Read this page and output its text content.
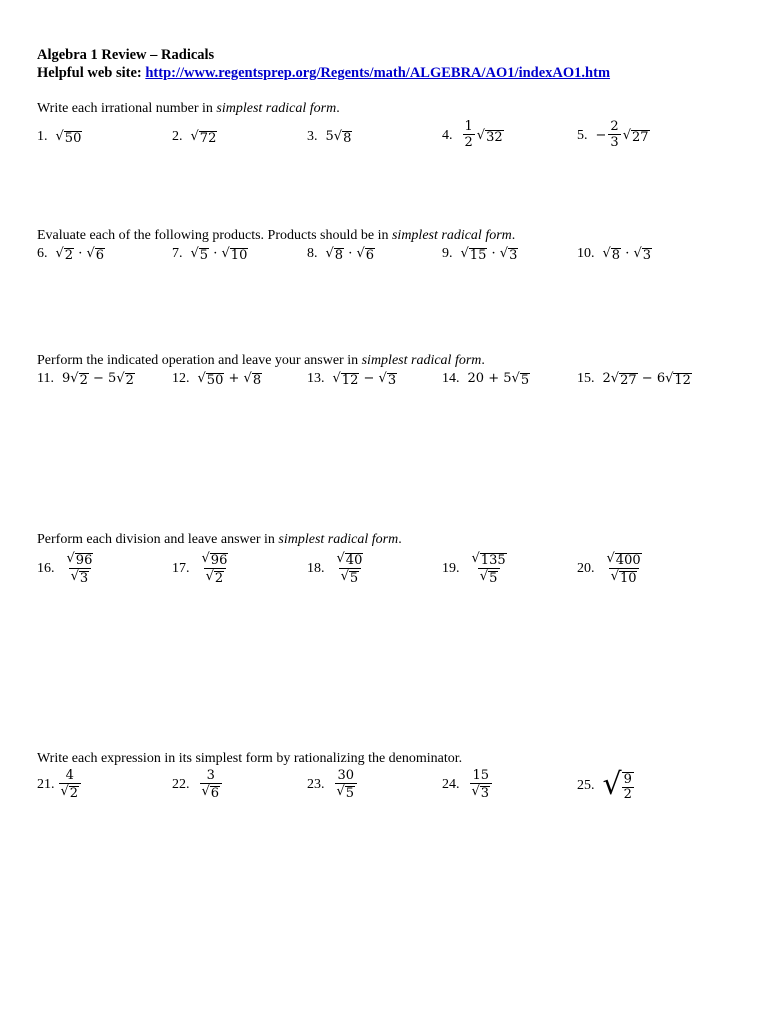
Algebra 1 Review – Radicals
Helpful web site: http://www.regentsprep.org/Regents/math/ALGEBRA/AO1/indexAO1.htm
Write each irrational number in simplest radical form.
1. √ 50	2. √ 72	3. 5 √ 8	4. $\frac{1}{2}$ √ 32	5. − $\frac{2}{3}$ √ 27
Evaluate each of the following products. Products should be in simplest radical form.
6. √ 2 · √ 6	7. √ 5 · √ 10	8. √ 8 · √ 6	9. √ 15 · √ 3	10. √ 8 · √ 3
Perform the indicated operation and leave your answer in simplest radical form.
11. 9 √ 2 − 5 √ 2	12. √ 50 + √ 8	13. √ 12 − √ 3	14. 20 + 5 √ 5	15. 2 √ 27 − 6 √ 12
Perform each division and leave answer in simplest radical form.
16. $\frac{√ 96}{√ 3}$	17. $\frac{√ 96}{√ 2}$	18. $\frac{√ 40}{√ 5}$	19. $\frac{√ 135}{√ 5}$	20. $\frac{√ 400}{√ 10}$
Write each expression in its simplest form by rationalizing the denominator.
21. $\frac{4}{√ 2}$	22. $\frac{3}{√ 6}$	23. $\frac{30}{√ 5}$	24. $\frac{15}{√ 3}$	25. √ $\frac{9}{2}$
